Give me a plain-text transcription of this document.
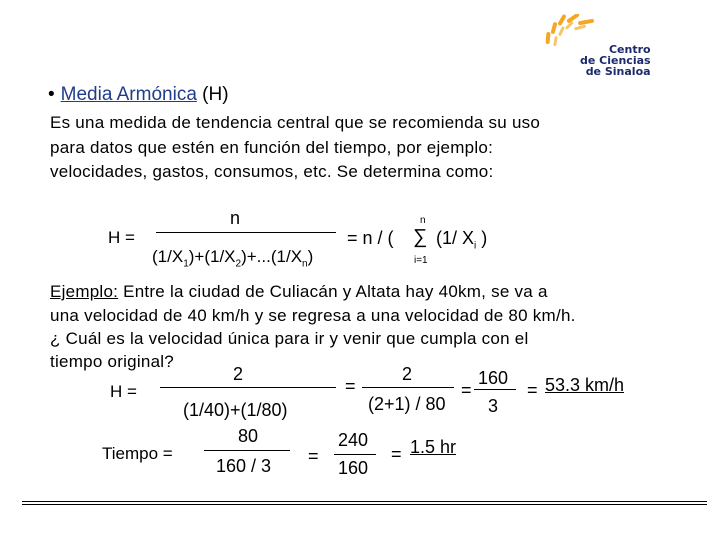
Centro
de Ciencias
de Sinaloa
• Media Armónica (H)
Es una medida de tendencia central que se recomienda su uso
para datos que estén en función del tiempo, por ejemplo:
velocidades, gastos, consumos, etc. Se determina como:
H =
n
$(1/X_1)+(1/X_2)+...(1/X_n)$
= n / (
n
∑
i=1
(1/ $X_i$ )
Ejemplo: Entre la ciudad de Culiacán y Altata hay 40km, se va a
una velocidad de 40 km/h y se regresa a una velocidad de 80 km/h.
¿ Cuál es la velocidad única para ir y venir que cumpla con el
tiempo original?
H =
2
(1/40)+(1/80)
=
2
(2+1) / 80
=
160
3
= 53.3 km/h
Tiempo =
80
160 / 3 =
240
160
= 1.5 hr
